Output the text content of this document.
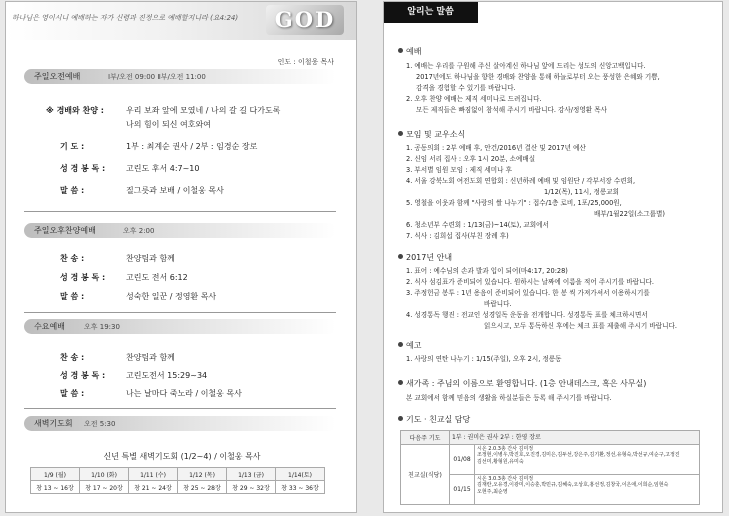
하나님은 영이시니 예배하는 자가 신령과 진정으로 예배할지니라 (요4:24)	GOD
인도 : 이철웅 목사
주일오전예배	Ⅰ부/오전 09:00 Ⅱ부/오전 11:00
※ 경배와 찬양 :	우리 보좌 앞에 모였네 / 나의 갈 길 다가도록
나의 힘이 되신 여호와여
기 도 :	1부 : 최계순 권사 / 2부 : 임경순 장로
성 경 봉 독 :	고린도 후서 4:7~10
말 씀 :	질그릇과 보배 / 이철웅 목사
주일오후찬양예배	오후 2:00
찬 송 :	찬양팀과 함께
성 경 봉 독 :	고린도 전서 6:12
말 씀 :	성숙한 일꾼 / 정영환 목사
수요예배	오후 19:30
찬 송 :	찬양팀과 함께
성 경 봉 독 :	고린도전서 15:29~34
말 씀 :	나는 날마다 죽노라 / 이철웅 목사
새벽기도회 오전 5:30
신년 특별 새벽기도회 (1/2~4) / 이철웅 목사
1/9 (월)	1/10 (화)	1/11 (수)	1/12 (목)	1/13 (금)	1/14(토)
창 13 ~ 16장	창 17 ~ 20장	창 21 ~ 24장	창 25 ~ 28장	창 29 ~ 32장	창 33 ~ 36장
알리는 말씀
예배
1. 예배는 우리를 구원해 주신 살아계신 하나님 앞에 드리는 성도의 신앙고백입니다.
2017년에도 하나님을 향한 경배와 찬양을 통해 하늘로부터 오는 풍성한 은혜와 기쁨,
감격을 경험할 수 있기를 바랍니다.
2. 오후 찬양 예배는 제직 세미나로 드려집니다.
모든 제직들은 빠짐없이 참석해 주시기 바랍니다. 강사/정영환 목사
모임 및 교우소식
1. 공동의회 : 2부 예배 후, 안건/2016년 결산 및 2017년 예산
2. 신임 서리 집사 : 오후 1시 20분, 소예배실
3. 부서별 임원 모임 : 제직 세미나 후
4. 서울 강북노회 여전도회 연합회 : 신년하례 예배 및 임원단 / 각부서장 수련회,
1/12(목), 11시, 정릉교회
5. 영철을 이웃과 함께 "사랑의 쌀 나누기" : 접수/1층 로비, 1포/25,000원,
배부/1월22일(소그룹별)
6. 청소년부 수련회 : 1/13(금)~14(토), 교회에서
7. 식사 : 김희섭 집사(부친 장례 후)
2017년 안내
1. 표어 : 예수님의 손과 발과 입이 되어(마4:17, 20:28)
2. 식사 섬김표가 준비되어 있습니다. 원하시는 날짜에 이름을 적어 주시기를 바랍니다.
3. 주정헌금 봉투 : 1년 용음이 준비되어 있습니다. 한 봉 씩 가져가셔서 이용하시기를
바랍니다.
4. 성경통독 행진 : 전교인 성경일독 운동을 전개합니다. 성경통독 표를 체크하시면서
읽으시고, 모두 통독하신 후에는 체크 표를 제출해 주시기 바랍니다.
예고
1. 사랑의 연탄 나누기 : 1/15(주일), 오후 2시, 정릉동
새가족 : 주님의 이름으로 환영합니다. (1층 안내데스크, 혹은 사무실)
본 교회에서 함께 믿음의 생활을 하실분들은 등록 해 주시기를 바랍니다.
기도 · 친교실 담당
다음주 기도	1부 : 권미은 권사 2부 : 한영 장로	
친교실(식당)	01/08	시온 2.0.3총 간사 김미정
조정현,이병우,박진호,오진경,김미은,김두선,강은주,김기환,정선,유형숙,박선규,여순구,고정진
김선미,황형원,유미숙

	01/15	시온 3.0.3총 간사 김미정
김재란,오유경,이광미,이승훈,박민규,김혜숙,오상호,홍선정,김창국,이은애,이희순,임현숙
오현주,최순영
